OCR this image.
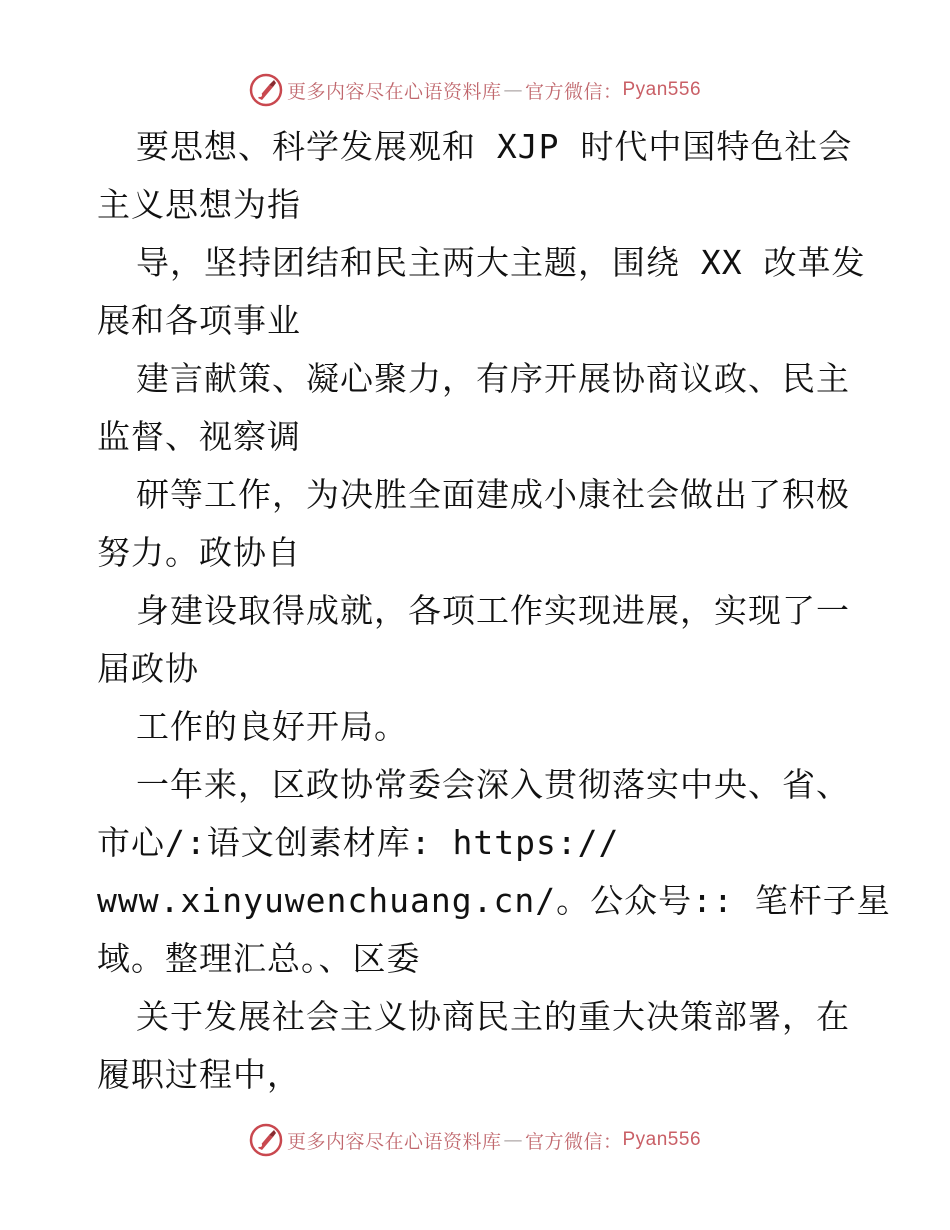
更多内容尽在心语资料库 — 官方微信： Pyan556
要思想、科学发展观和 XJP 时代中国特色社会
主义思想为指
导，坚持团结和民主两大主题，围绕 XX 改革发
展和各项事业
建言献策、凝心聚力，有序开展协商议政、民主
监督、视察调
研等工作，为决胜全面建成小康社会做出了积极
努力。政协自
身建设取得成就，各项工作实现进展，实现了一
届政协
工作的良好开局。
一年来，区政协常委会深入贯彻落实中央、省、
市心/:语文创素材库: https://
www.xinyuwenchuang.cn/。公众号:: 笔杆子星
域。整理汇总。、区委
关于发展社会主义协商民主的重大决策部署，在
履职过程中，
更多内容尽在心语资料库 — 官方微信： Pyan556
